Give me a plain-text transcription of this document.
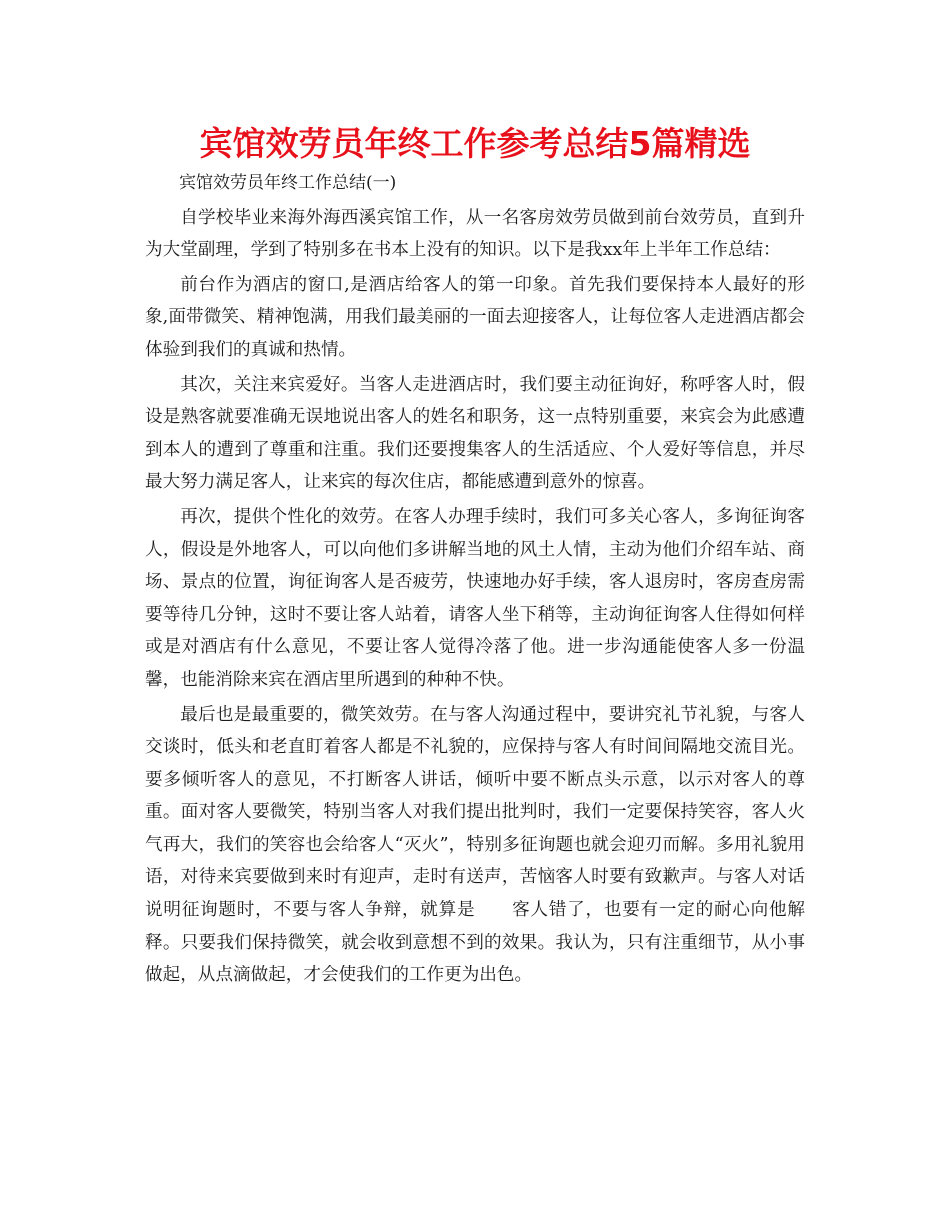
宾馆效劳员年终工作参考总结5篇精选

宾馆效劳员年终工作总结(一)

自学校毕业来海外海西溪宾馆工作，从一名客房效劳员做到前台效劳员，直到升为大堂副理，学到了特别多在书本上没有的知识。以下是我xx年上半年工作总结：

前台作为酒店的窗口,是酒店给客人的第一印象。首先我们要保持本人最好的形象,面带微笑、精神饱满，用我们最美丽的一面去迎接客人，让每位客人走进酒店都会体验到我们的真诚和热情。

其次，关注来宾爱好。当客人走进酒店时，我们要主动征询好，称呼客人时，假设是熟客就要准确无误地说出客人的姓名和职务，这一点特别重要，来宾会为此感遭到本人的遭到了尊重和注重。我们还要搜集客人的生活适应、个人爱好等信息，并尽最大努力满足客人，让来宾的每次住店，都能感遭到意外的惊喜。

再次，提供个性化的效劳。在客人办理手续时，我们可多关心客人，多询征询客人，假设是外地客人，可以向他们多讲解当地的风土人情，主动为他们介绍车站、商场、景点的位置，询征询客人是否疲劳，快速地办好手续，客人退房时，客房查房需要等待几分钟，这时不要让客人站着，请客人坐下稍等，主动询征询客人住得如何样或是对酒店有什么意见，不要让客人觉得冷落了他。进一步沟通能使客人多一份温馨，也能消除来宾在酒店里所遇到的种种不快。

最后也是最重要的，微笑效劳。在与客人沟通过程中，要讲究礼节礼貌，与客人交谈时，低头和老直盯着客人都是不礼貌的，应保持与客人有时间间隔地交流目光。要多倾听客人的意见，不打断客人讲话，倾听中要不断点头示意，以示对客人的尊重。面对客人要微笑，特别当客人对我们提出批判时，我们一定要保持笑容，客人火气再大，我们的笑容也会给客人“灭火”，特别多征询题也就会迎刃而解。多用礼貌用语，对待来宾要做到来时有迎声，走时有送声，苦恼客人时要有致歉声。与客人对话说明征询题时，不要与客人争辩，就算是　　客人错了，也要有一定的耐心向他解释。只要我们保持微笑，就会收到意想不到的效果。我认为，只有注重细节，从小事做起，从点滴做起，才会使我们的工作更为出色。
